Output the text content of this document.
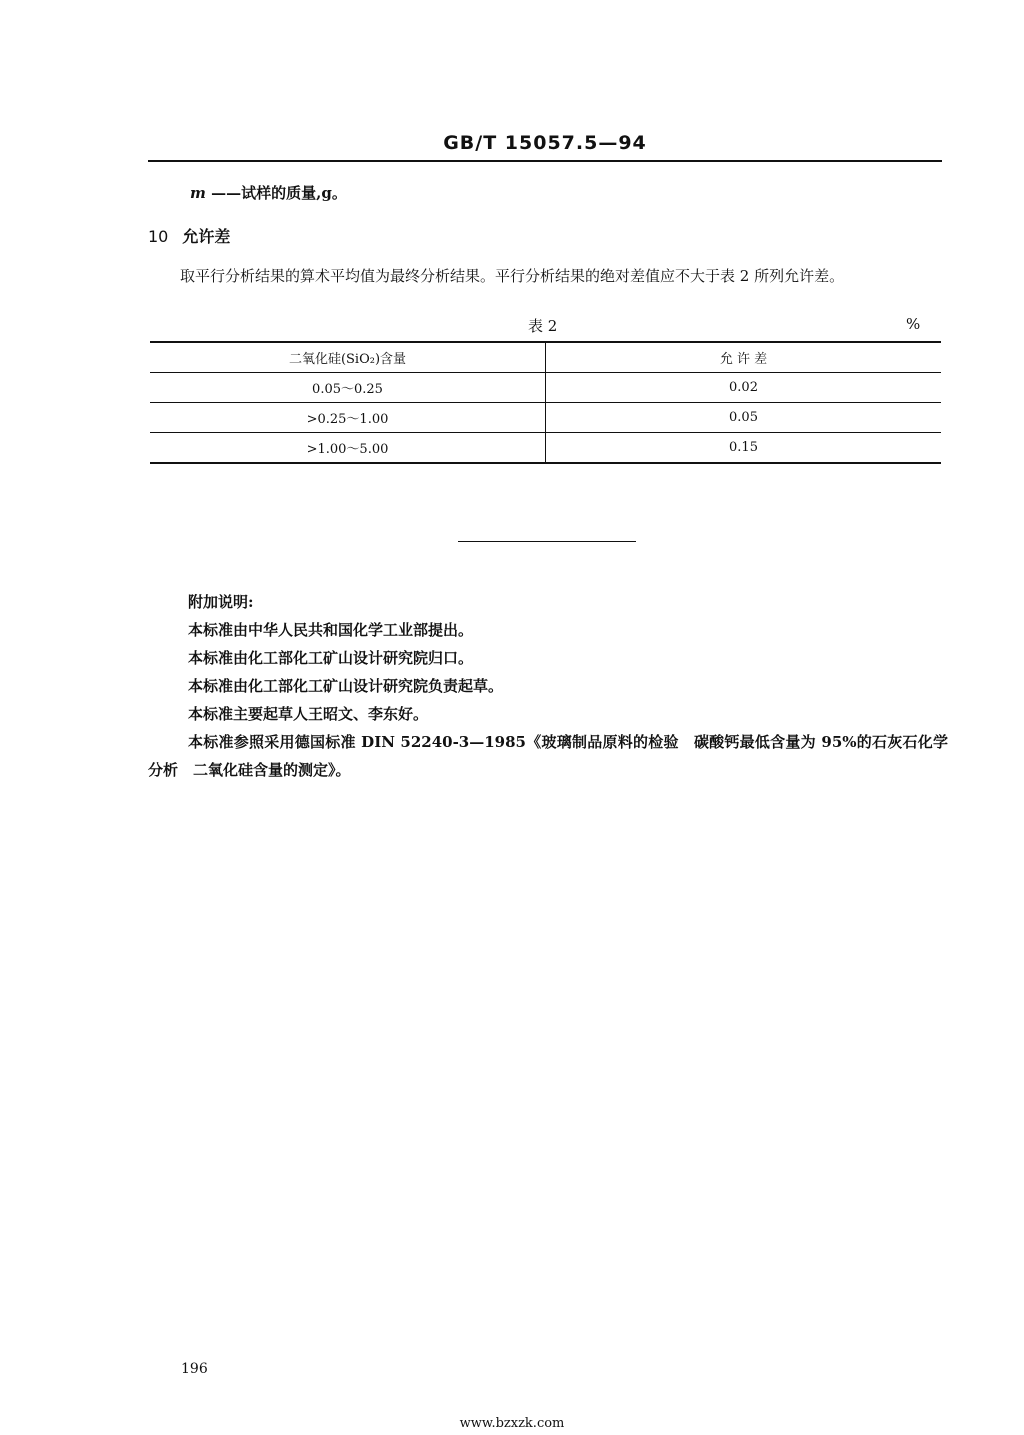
GB/T 15057.5—94
m ——试样的质量,g。
10 允许差
取平行分析结果的算术平均值为最终分析结果。平行分析结果的绝对差值应不大于表 2 所列允许差。
表 2	%
二氧化硅(SiO₂)含量	允 许 差
0.05～0.25	0.02
>0.25～1.00	0.05
>1.00～5.00	0.15
附加说明:
本标准由中华人民共和国化学工业部提出。
本标准由化工部化工矿山设计研究院归口。
本标准由化工部化工矿山设计研究院负责起草。
本标准主要起草人王昭文、李东好。
本标准参照采用德国标准 DIN 52240-3—1985《玻璃制品原料的检验　碳酸钙最低含量为 95%的石灰石化学分析　二氧化硅含量的测定》。
196
www.bzxzk.com
